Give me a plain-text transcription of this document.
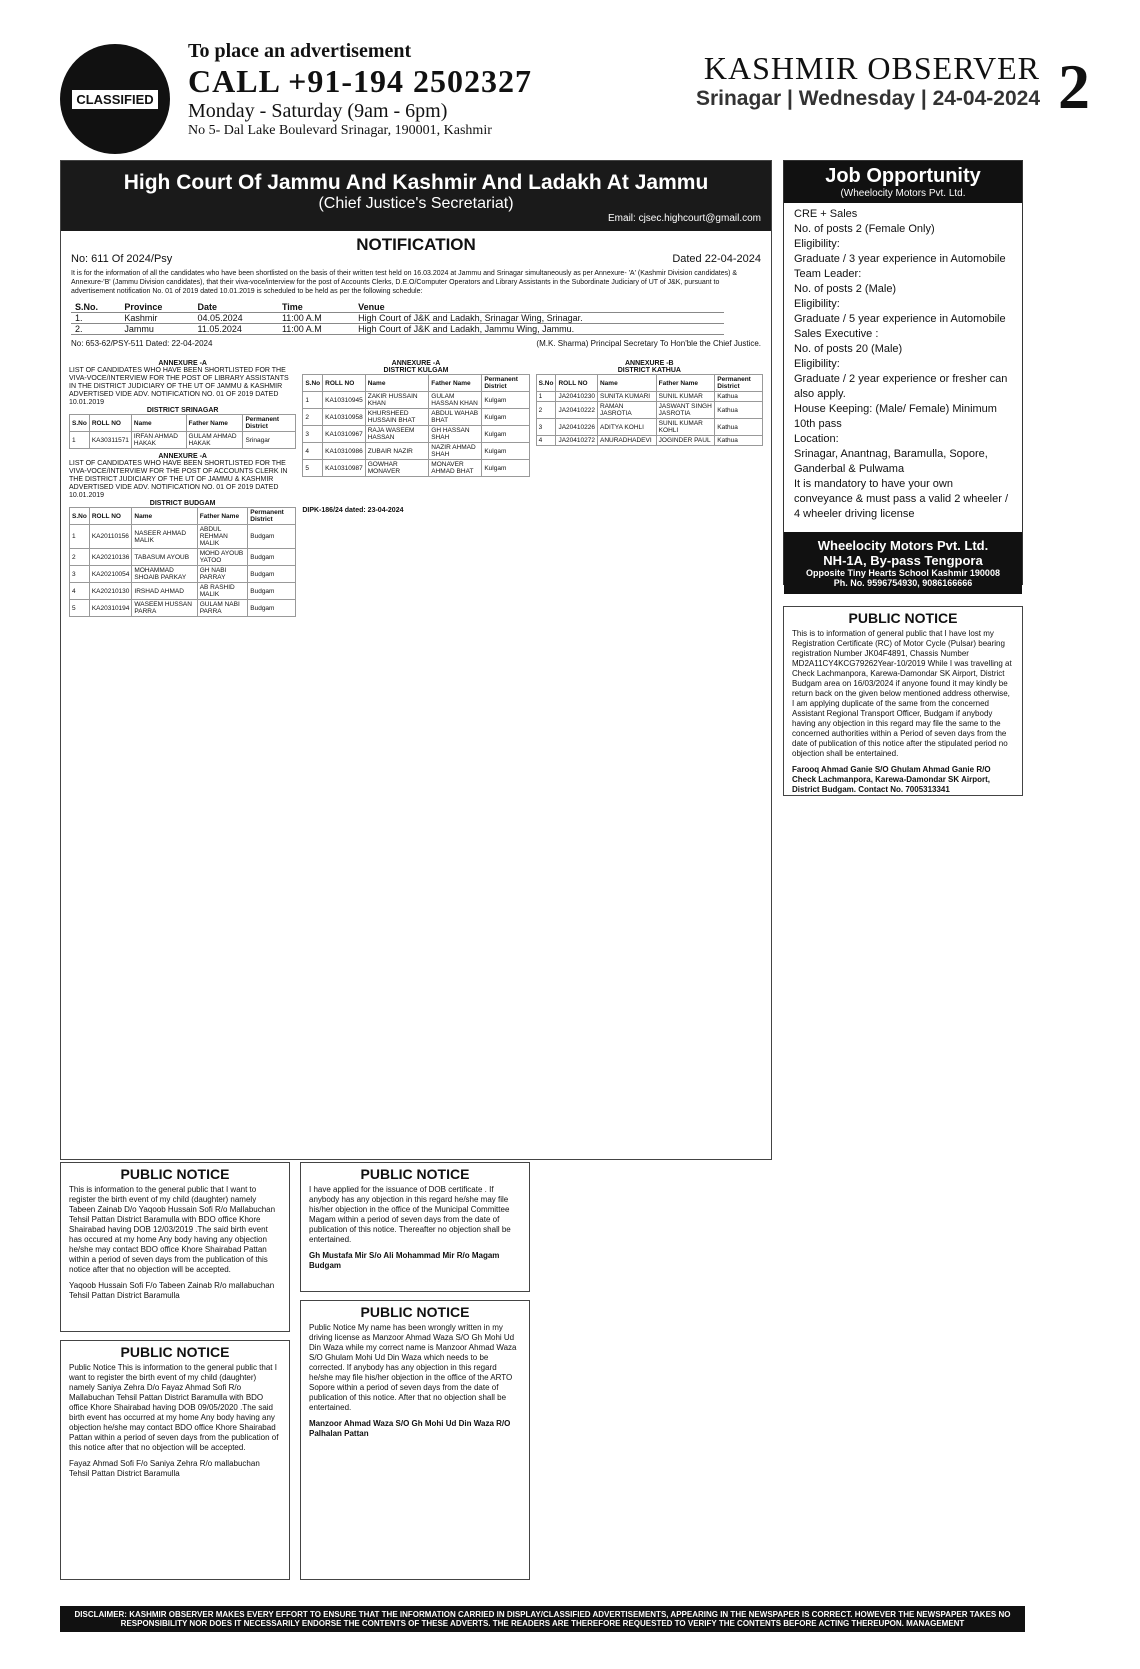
CLASSIFIED
To place an advertisement
CALL +91-194 2502327
Monday - Saturday (9am - 6pm)
No 5- Dal Lake Boulevard Srinagar, 190001, Kashmir
KASHMIR OBSERVER
Srinagar | Wednesday | 24-04-2024 2
High Court Of Jammu And Kashmir And Ladakh At Jammu
(Chief Justice's Secretariat)
Email: cjsec.highcourt@gmail.com
NOTIFICATION
No: 611 Of 2024/Psy	Dated 22-04-2024
It is for the information of all the candidates who have been shortlisted on the basis of their written test held on 16.03.2024 at Jammu and Srinagar simultaneously as per Annexure- 'A' (Kashmir Division candidates) & Annexure-'B' (Jammu Division candidates), that their viva-voce/interview for the post of Accounts Clerks, D.E.O/Computer Operators and Library Assistants in the Subordinate Judiciary of UT of J&K, pursuant to advertisement notification No. 01 of 2019 dated 10.01.2019 is scheduled to be held as per the following schedule:
S.No.	Province	Date	Time	Venue
1.	Kashmir	04.05.2024	11:00 A.M	High Court of J&K and Ladakh, Srinagar Wing, Srinagar.
2.	Jammu	11.05.2024	11:00 A.M	High Court of J&K and Ladakh, Jammu Wing, Jammu.
No: 653-62/PSY-511 Dated: 22-04-2024	(M.K. Sharma) Principal Secretary To Hon'ble the Chief Justice.
ANNEXURE -A
LIST OF CANDIDATES WHO HAVE BEEN SHORTLISTED FOR THE VIVA-VOCE/INTERVIEW FOR THE POST OF LIBRARY ASSISTANTS IN THE DISTRICT JUDICIARY OF THE UT OF JAMMU & KASHMIR ADVERTISED VIDE ADV. NOTIFICATION NO. 01 OF 2019 DATED 10.01.2019
DISTRICT SRINAGAR
S.No	ROLL NO	Name	Father Name	Permanent District
1	KA30311571	IRFAN AHMAD HAKAK	GULAM AHMAD HAKAK	Srinagar
ANNEXURE -A
LIST OF CANDIDATES WHO HAVE BEEN SHORTLISTED FOR THE VIVA-VOCE/INTERVIEW FOR THE POST OF ACCOUNTS CLERK IN THE DISTRICT JUDICIARY OF THE UT OF JAMMU & KASHMIR ADVERTISED VIDE ADV. NOTIFICATION NO. 01 OF 2019 DATED 10.01.2019
DISTRICT BUDGAM
S.No	ROLL NO	Name	Father Name	Permanent District
1	KA20110156	NASEER AHMAD MALIK	ABDUL REHMAN MALIK	Budgam
2	KA20210136	TABASUM AYOUB	MOHD AYOUB YATOO	Budgam
3	KA20210054	MOHAMMAD SHOAIB PARKAY	GH NABI PARRAY	Budgam
4	KA20210130	IRSHAD AHMAD	AB RASHID MALIK	Budgam
5	KA20310194	WASEEM HUSSAN PARRA	GULAM NABI PARRA	Budgam
ANNEXURE -A
DISTRICT KULGAM
S.No	ROLL NO	Name	Father Name	Permanent District
1	KA10310945	ZAKIR HUSSAIN KHAN	GULAM HASSAN KHAN	Kulgam
2	KA10310958	KHURSHEED HUSSAIN BHAT	ABDUL WAHAB BHAT	Kulgam
3	KA10310967	RAJA WASEEM HASSAN	GH HASSAN SHAH	Kulgam
4	KA10310986	ZUBAIR NAZIR	NAZIR AHMAD SHAH	Kulgam
5	KA10310987	GOWHAR MONAVER	MONAVER AHMAD BHAT	Kulgam
DIPK-186/24 dated: 23-04-2024
ANNEXURE -B
DISTRICT KATHUA
S.No	ROLL NO	Name	Father Name	Permanent District
1	JA20410230	SUNITA KUMARI	SUNIL KUMAR	Kathua
2	JA20410222	RAMAN JASROTIA	JASWANT SINGH JASROTIA	Kathua
3	JA20410226	ADITYA KOHLI	SUNIL KUMAR KOHLI	Kathua
4	JA20410272	ANURADHADEVI	JOGINDER PAUL	Kathua
Job Opportunity
(Wheelocity Motors Pvt. Ltd.
CRE + Sales
No. of posts 2 (Female Only)
Eligibility:
Graduate / 3 year experience in Automobile
Team Leader:
No. of posts 2 (Male)
Eligibility:
Graduate / 5 year experience in Automobile
Sales Executive :
No. of posts 20 (Male)
Eligibility:
Graduate / 2 year experience or fresher can also apply.
House Keeping: (Male/ Female) Minimum 10th pass
Location:
Srinagar, Anantnag, Baramulla, Sopore, Ganderbal & Pulwama
It is mandatory to have your own conveyance & must pass a valid 2 wheeler / 4 wheeler driving license
Wheelocity Motors Pvt. Ltd.
NH-1A, By-pass Tengpora
Opposite Tiny Hearts School Kashmir 190008
Ph. No. 9596754930, 9086166666
PUBLIC NOTICE
This is to information of general public that I have lost my Registration Certificate (RC) of Motor Cycle (Pulsar) bearing registration Number JK04F4891, Chassis Number MD2A11CY4KCG79262Year-10/2019 While I was travelling at Check Lachmanpora, Karewa-Damondar SK Airport, District Budgam area on 16/03/2024 if anyone found it may kindly be return back on the given below mentioned address otherwise, I am applying duplicate of the same from the concerned Assistant Regional Transport Officer, Budgam if anybody having any objection in this regard may file the same to the concerned authorities within a Period of seven days from the date of publication of this notice after the stipulated period no objection shall be entertained.
Farooq Ahmad Ganie S/O Ghulam Ahmad Ganie R/O Check Lachmanpora, Karewa-Damondar SK Airport, District Budgam. Contact No. 7005313341
PUBLIC NOTICE
This is information to the general public that I want to register the birth event of my child (daughter) namely Tabeen Zainab D/o Yaqoob Hussain Sofi R/o Mallabuchan Tehsil Pattan District Baramulla with BDO office Khore Shairabad having DOB 12/03/2019 .The said birth event has occured at my home Any body having any objection he/she may contact BDO office Khore Shairabad Pattan within a period of seven days from the publication of this notice after that no objection will be accepted.
Yaqoob Hussain Sofi F/o Tabeen Zainab R/o mallabuchan Tehsil Pattan District Baramulla
PUBLIC NOTICE
Public Notice This is information to the general public that I want to register the birth event of my child (daughter) namely Saniya Zehra D/o Fayaz Ahmad Sofi R/o Mallabuchan Tehsil Pattan District Baramulla with BDO office Khore Shairabad having DOB 09/05/2020 .The said birth event has occurred at my home Any body having any objection he/she may contact BDO office Khore Shairabad Pattan within a period of seven days from the publication of this notice after that no objection will be accepted.
Fayaz Ahmad Sofi F/o Saniya Zehra R/o mallabuchan Tehsil Pattan District Baramulla
PUBLIC NOTICE
I have applied for the issuance of DOB certificate . If anybody has any objection in this regard he/she may file his/her objection in the office of the Municipal Committee Magam within a period of seven days from the date of publication of this notice. Thereafter no objection shall be entertained.
Gh Mustafa Mir S/o Ali Mohammad Mir R/o Magam Budgam
PUBLIC NOTICE
Public Notice My name has been wrongly written in my driving license as Manzoor Ahmad Waza S/O Gh Mohi Ud Din Waza while my correct name is Manzoor Ahmad Waza S/O Ghulam Mohi Ud Din Waza which needs to be corrected. If anybody has any objection in this regard he/she may file his/her objection in the office of the ARTO Sopore within a period of seven days from the date of publication of this notice. After that no objection shall be entertained.
Manzoor Ahmad Waza S/O Gh Mohi Ud Din Waza R/O Palhalan Pattan
DISCLAIMER: KASHMIR OBSERVER MAKES EVERY EFFORT TO ENSURE THAT THE INFORMATION CARRIED IN DISPLAY/CLASSIFIED ADVERTISEMENTS, APPEARING IN THE NEWSPAPER IS CORRECT. HOWEVER THE NEWSPAPER TAKES NO RESPONSIBILITY NOR DOES IT NECESSARILY ENDORSE THE CONTENTS OF THESE ADVERTS. THE READERS ARE THEREFORE REQUESTED TO VERIFY THE CONTENTS BEFORE ACTING THEREUPON. MANAGEMENT
